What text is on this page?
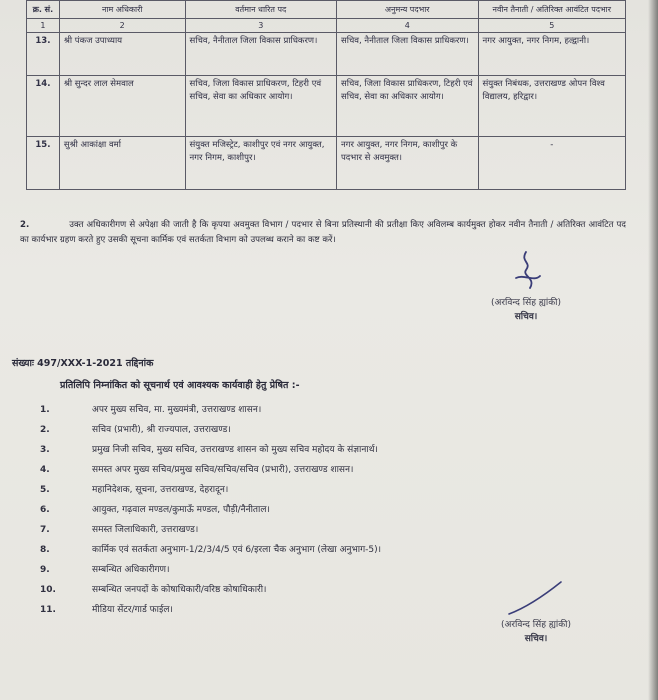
क्र. सं.	नाम अधिकारी	वर्तमान धारित पद	अनुमन्य पदभार	नवीन तैनाती / अतिरिक्त आवंटित पदभार
1	2	3	4	5
13.	श्री पंकज उपाध्याय	सचिव, नैनीताल जिला विकास प्राधिकरण।	सचिव, नैनीताल जिला विकास प्राधिकरण।	नगर आयुक्त, नगर निगम, हल्द्वानी।
14.	श्री सुन्दर लाल सेमवाल	सचिव, जिला विकास प्राधिकरण, टिहरी एवं सचिव, सेवा का अधिकार आयोग।	सचिव, जिला विकास प्राधिकरण, टिहरी एवं सचिव, सेवा का अधिकार आयोग।	संयुक्त निबंधक, उत्तराखण्ड ओपन विश्व विद्यालय, हरिद्वार।
15.	सुश्री आकांक्षा वर्मा	संयुक्त मजिस्ट्रेट, काशीपुर एवं नगर आयुक्त, नगर निगम, काशीपुर।	नगर आयुक्त, नगर निगम, काशीपुर के पदभार से अवमुक्त।	-
2.	उक्त अधिकारीगण से अपेक्षा की जाती है कि कृपया अवमुक्त विभाग / पदभार से बिना प्रतिस्थानी की प्रतीक्षा किए अविलम्ब कार्यमुक्त होकर नवीन तैनाती / अतिरिक्त आवंटित पद का कार्यभार ग्रहण करते हुए उसकी सूचना कार्मिक एवं सतर्कता विभाग को उपलब्ध कराने का कष्ट करें।
(अरविन्द सिंह ह्यांकी)
सचिव।
संख्याः 497/XXX-1-2021 तद्दिनांक
प्रतिलिपि निम्नांकित को सूचनार्थ एवं आवश्यक कार्यवाही हेतु प्रेषित :-
1.	अपर मुख्य सचिव, मा. मुख्यमंत्री, उत्तराखण्ड शासन।
2.	सचिव (प्रभारी), श्री राज्यपाल, उत्तराखण्ड।
3.	प्रमुख निजी सचिव, मुख्य सचिव, उत्तराखण्ड शासन को मुख्य सचिव महोदय के संज्ञानार्थ।
4.	समस्त अपर मुख्य सचिव/प्रमुख सचिव/सचिव/सचिव (प्रभारी), उत्तराखण्ड शासन।
5.	महानिदेशक, सूचना, उत्तराखण्ड, देहरादून।
6.	आयुक्त, गढ़वाल मण्डल/कुमाऊँ मण्डल, पौड़ी/नैनीताल।
7.	समस्त जिलाधिकारी, उत्तराखण्ड।
8.	कार्मिक एवं सतर्कता अनुभाग-1/2/3/4/5 एवं 6/इरला चैक अनुभाग (लेखा अनुभाग-5)।
9.	सम्बन्धित अधिकारीगण।
10.	सम्बन्धित जनपदों के कोषाधिकारी/वरिष्ठ कोषाधिकारी।
11.	मीडिया सेंटर/गार्ड फाईल।
(अरविन्द सिंह ह्यांकी)
सचिव।
